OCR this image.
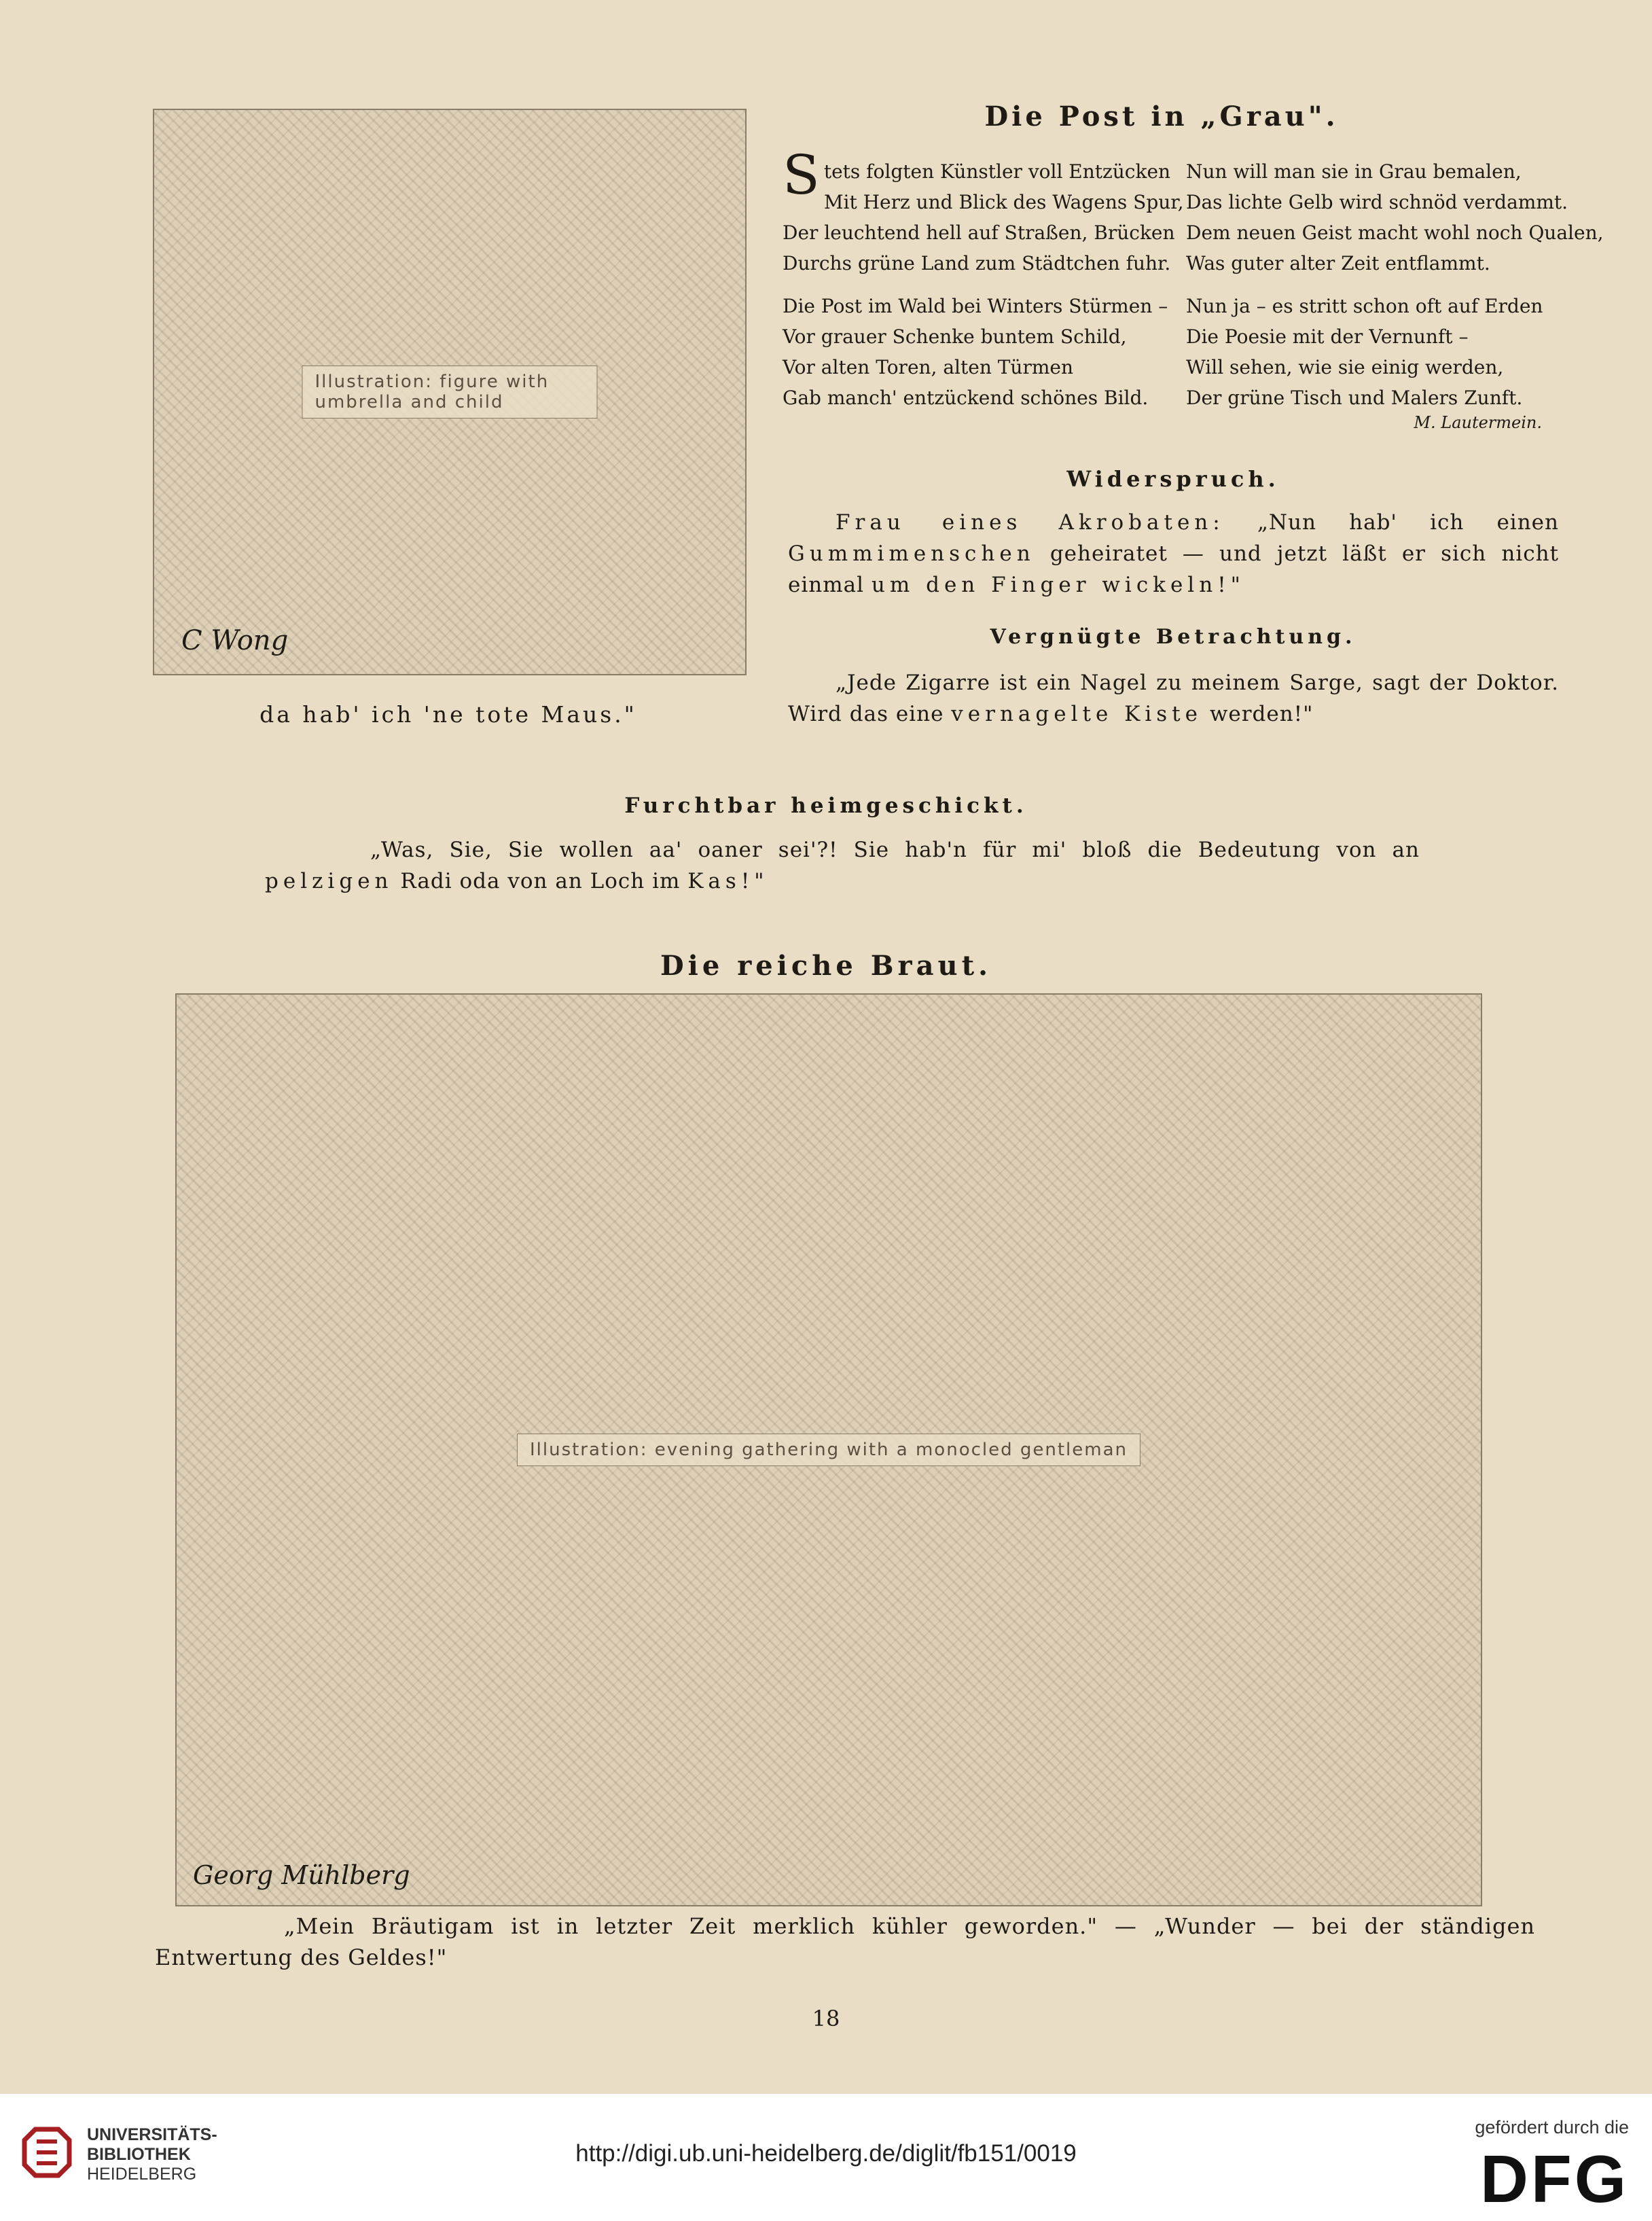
Illustration: figure with umbrella and child
C Wong
da hab' ich 'ne tote Maus."
Die Post in „Grau".
Stets folgten Künstler voll Entzücken
Mit Herz und Blick des Wagens Spur,
Der leuchtend hell auf Straßen, Brücken
Durchs grüne Land zum Städtchen fuhr.
Nun will man sie in Grau bemalen,
Das lichte Gelb wird schnöd verdammt.
Dem neuen Geist macht wohl noch Qualen,
Was guter alter Zeit entflammt.
Die Post im Wald bei Winters Stürmen –
Vor grauer Schenke buntem Schild,
Vor alten Toren, alten Türmen
Gab manch' entzückend schönes Bild.
Nun ja – es stritt schon oft auf Erden
Die Poesie mit der Vernunft –
Will sehen, wie sie einig werden,
Der grüne Tisch und Malers Zunft.
M. Lautermein.
Widerspruch.
Frau eines Akrobaten: „Nun hab' ich einen Gummimenschen geheiratet — und jetzt läßt er sich nicht einmal um den Finger wickeln!"
Vergnügte Betrachtung.
„Jede Zigarre ist ein Nagel zu meinem Sarge, sagt der Doktor. Wird das eine vernagelte Kiste werden!"
Furchtbar heimgeschickt.
„Was, Sie, Sie wollen aa' oaner sei'?! Sie hab'n für mi' bloß die Bedeutung von an pelzigen Radi oda von an Loch im Kas!"
Die reiche Braut.
Illustration: evening gathering with a monocled gentleman
Georg Mühlberg
„Mein Bräutigam ist in letzter Zeit merklich kühler geworden." — „Wunder — bei der ständigen Entwertung des Geldes!"
18
UNIVERSITÄTS-
BIBLIOTHEK
HEIDELBERG
http://digi.ub.uni-heidelberg.de/diglit/fb151/0019
gefördert durch die
DFG
